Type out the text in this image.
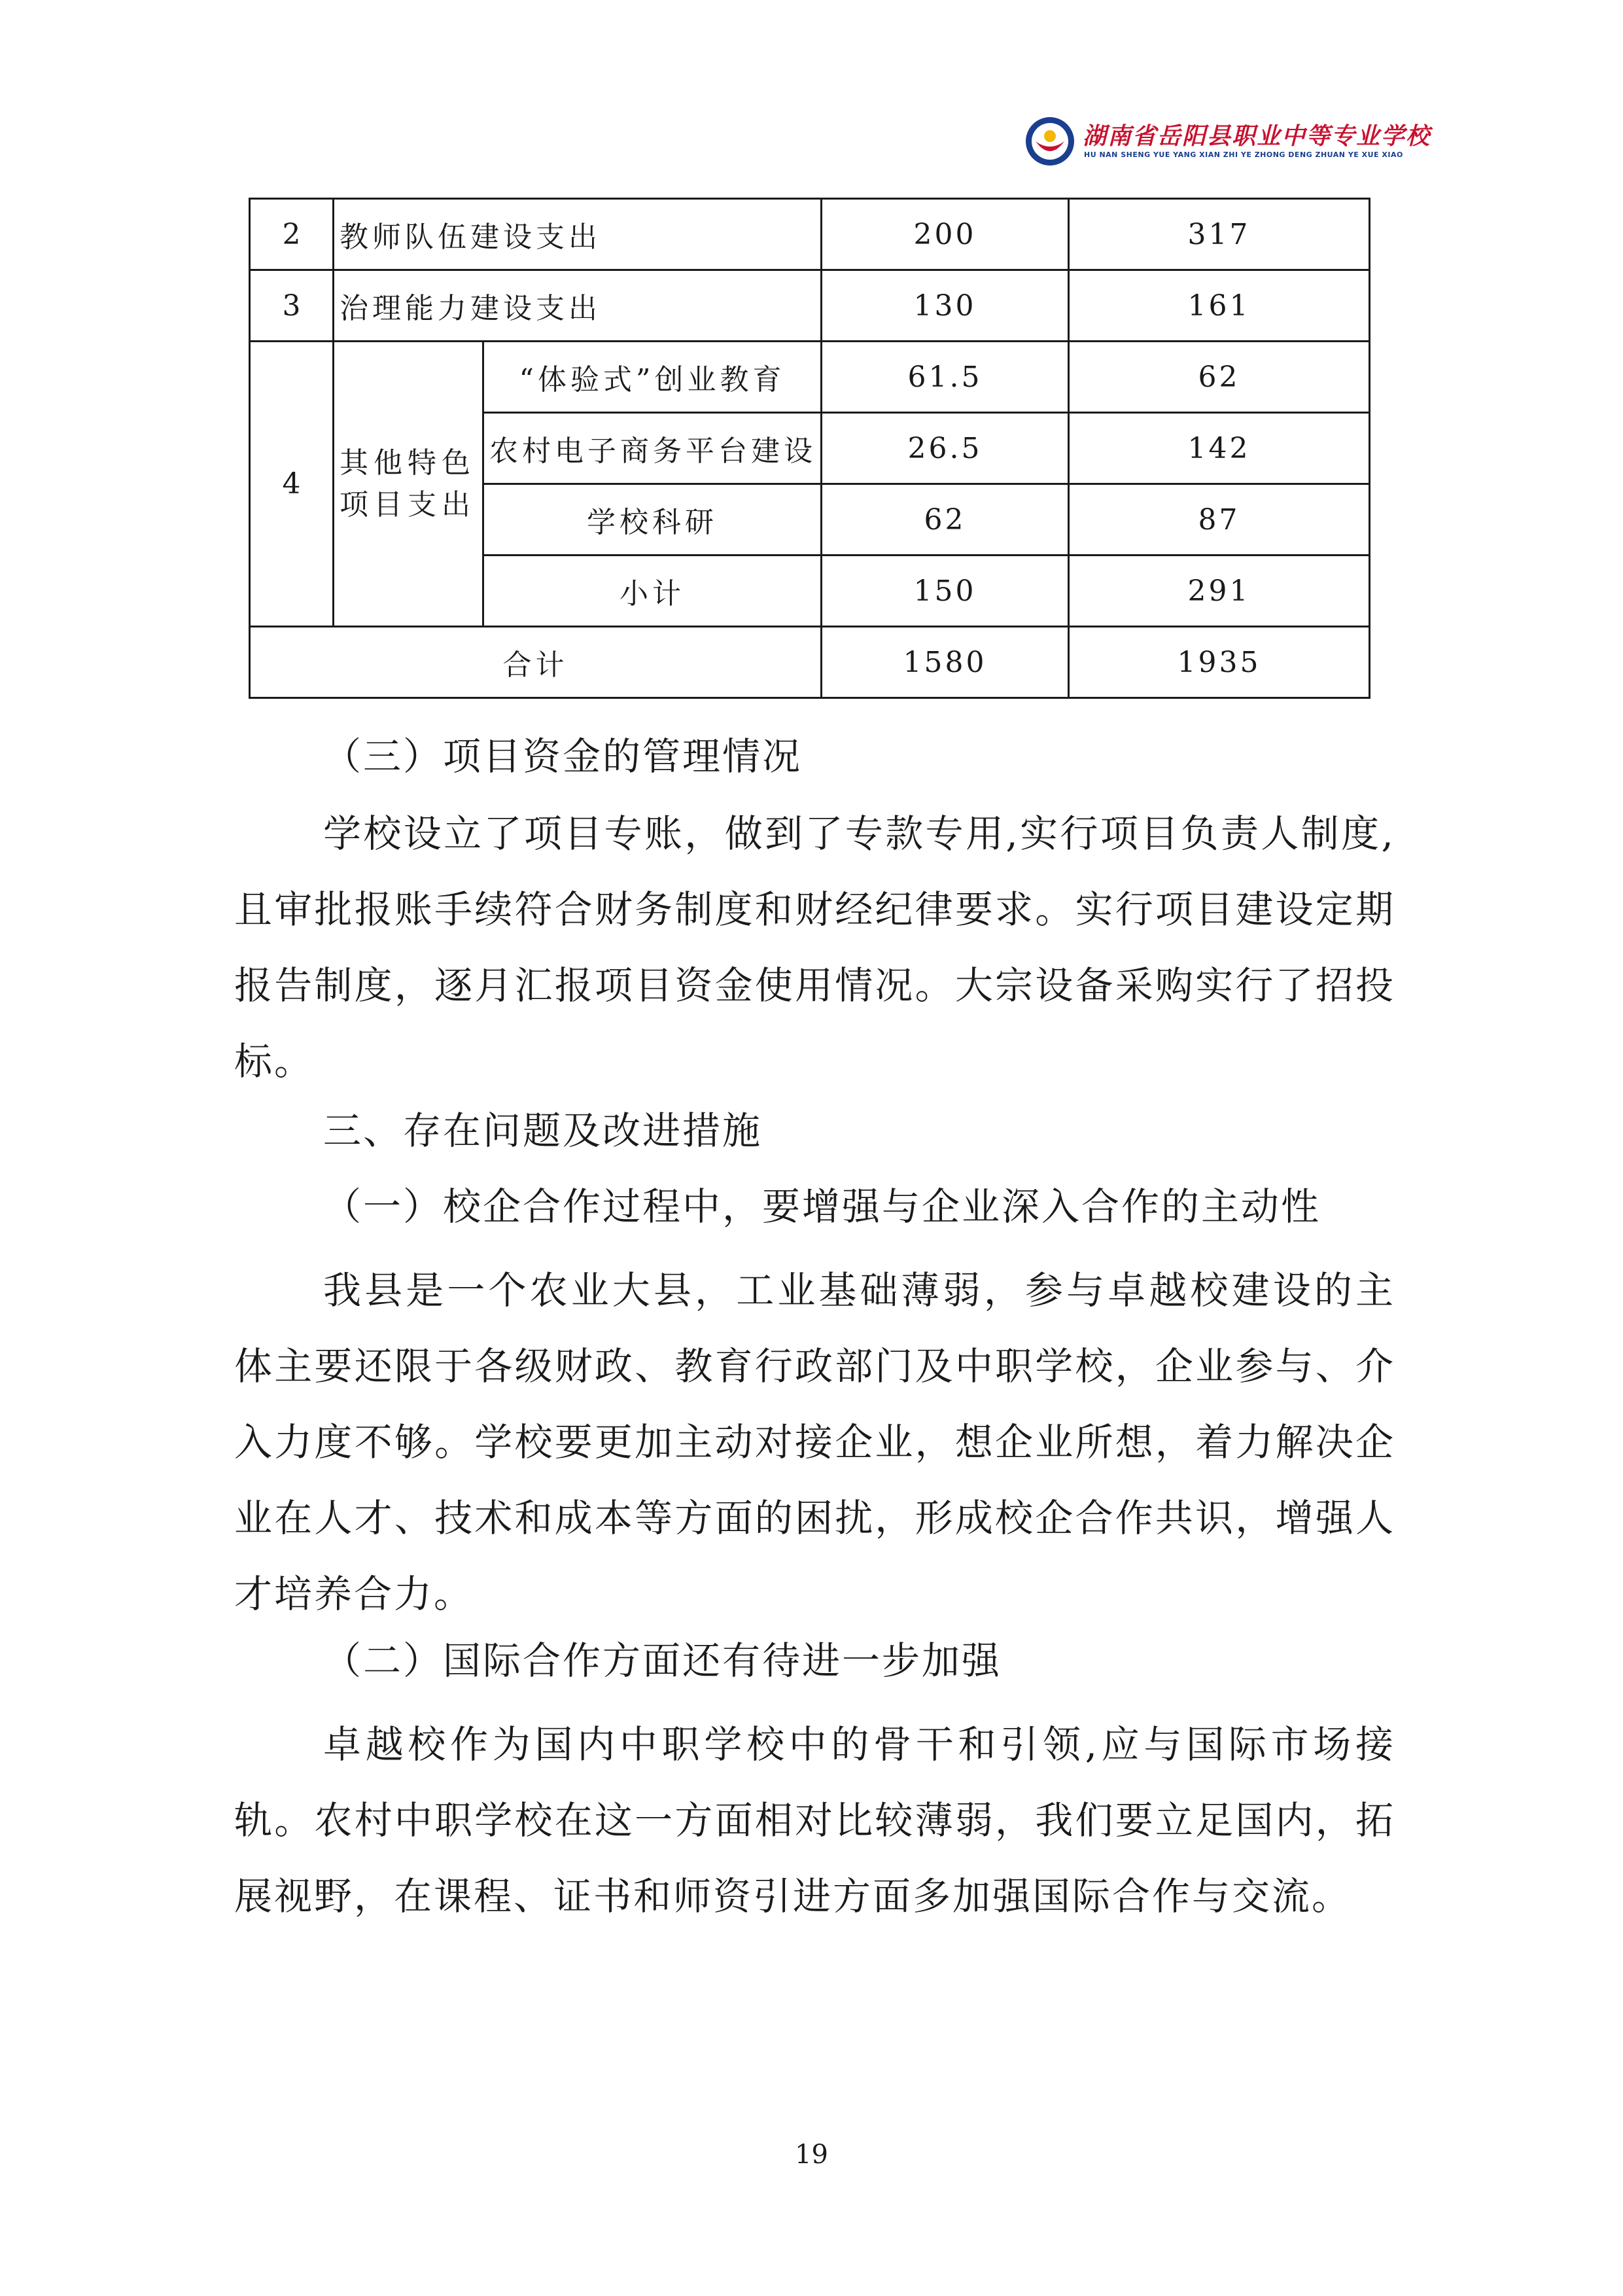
湖南省岳阳县职业中等专业学校
HU NAN SHENG YUE YANG XIAN ZHI YE ZHONG DENG ZHUAN YE XUE XIAO
2	教师队伍建设支出		200	317
3	治理能力建设支出		130	161
4	其他特色项目支出	“体验式”创业教育	61.5	62
		农村电子商务平台建设	26.5	142
		学校科研	62	87
		小计	150	291
合计			1580	1935

（三）项目资金的管理情况

学校设立了项目专账，做到了专款专用,实行项目负责人制度,且审批报账手续符合财务制度和财经纪律要求。实行项目建设定期报告制度，逐月汇报项目资金使用情况。大宗设备采购实行了招投标。

三、存在问题及改进措施

（一）校企合作过程中，要增强与企业深入合作的主动性

我县是一个农业大县，工业基础薄弱，参与卓越校建设的主体主要还限于各级财政、教育行政部门及中职学校，企业参与、介入力度不够。学校要更加主动对接企业，想企业所想，着力解决企业在人才、技术和成本等方面的困扰，形成校企合作共识，增强人才培养合力。

（二）国际合作方面还有待进一步加强

卓越校作为国内中职学校中的骨干和引领,应与国际市场接轨。农村中职学校在这一方面相对比较薄弱，我们要立足国内，拓展视野，在课程、证书和师资引进方面多加强国际合作与交流。

19
